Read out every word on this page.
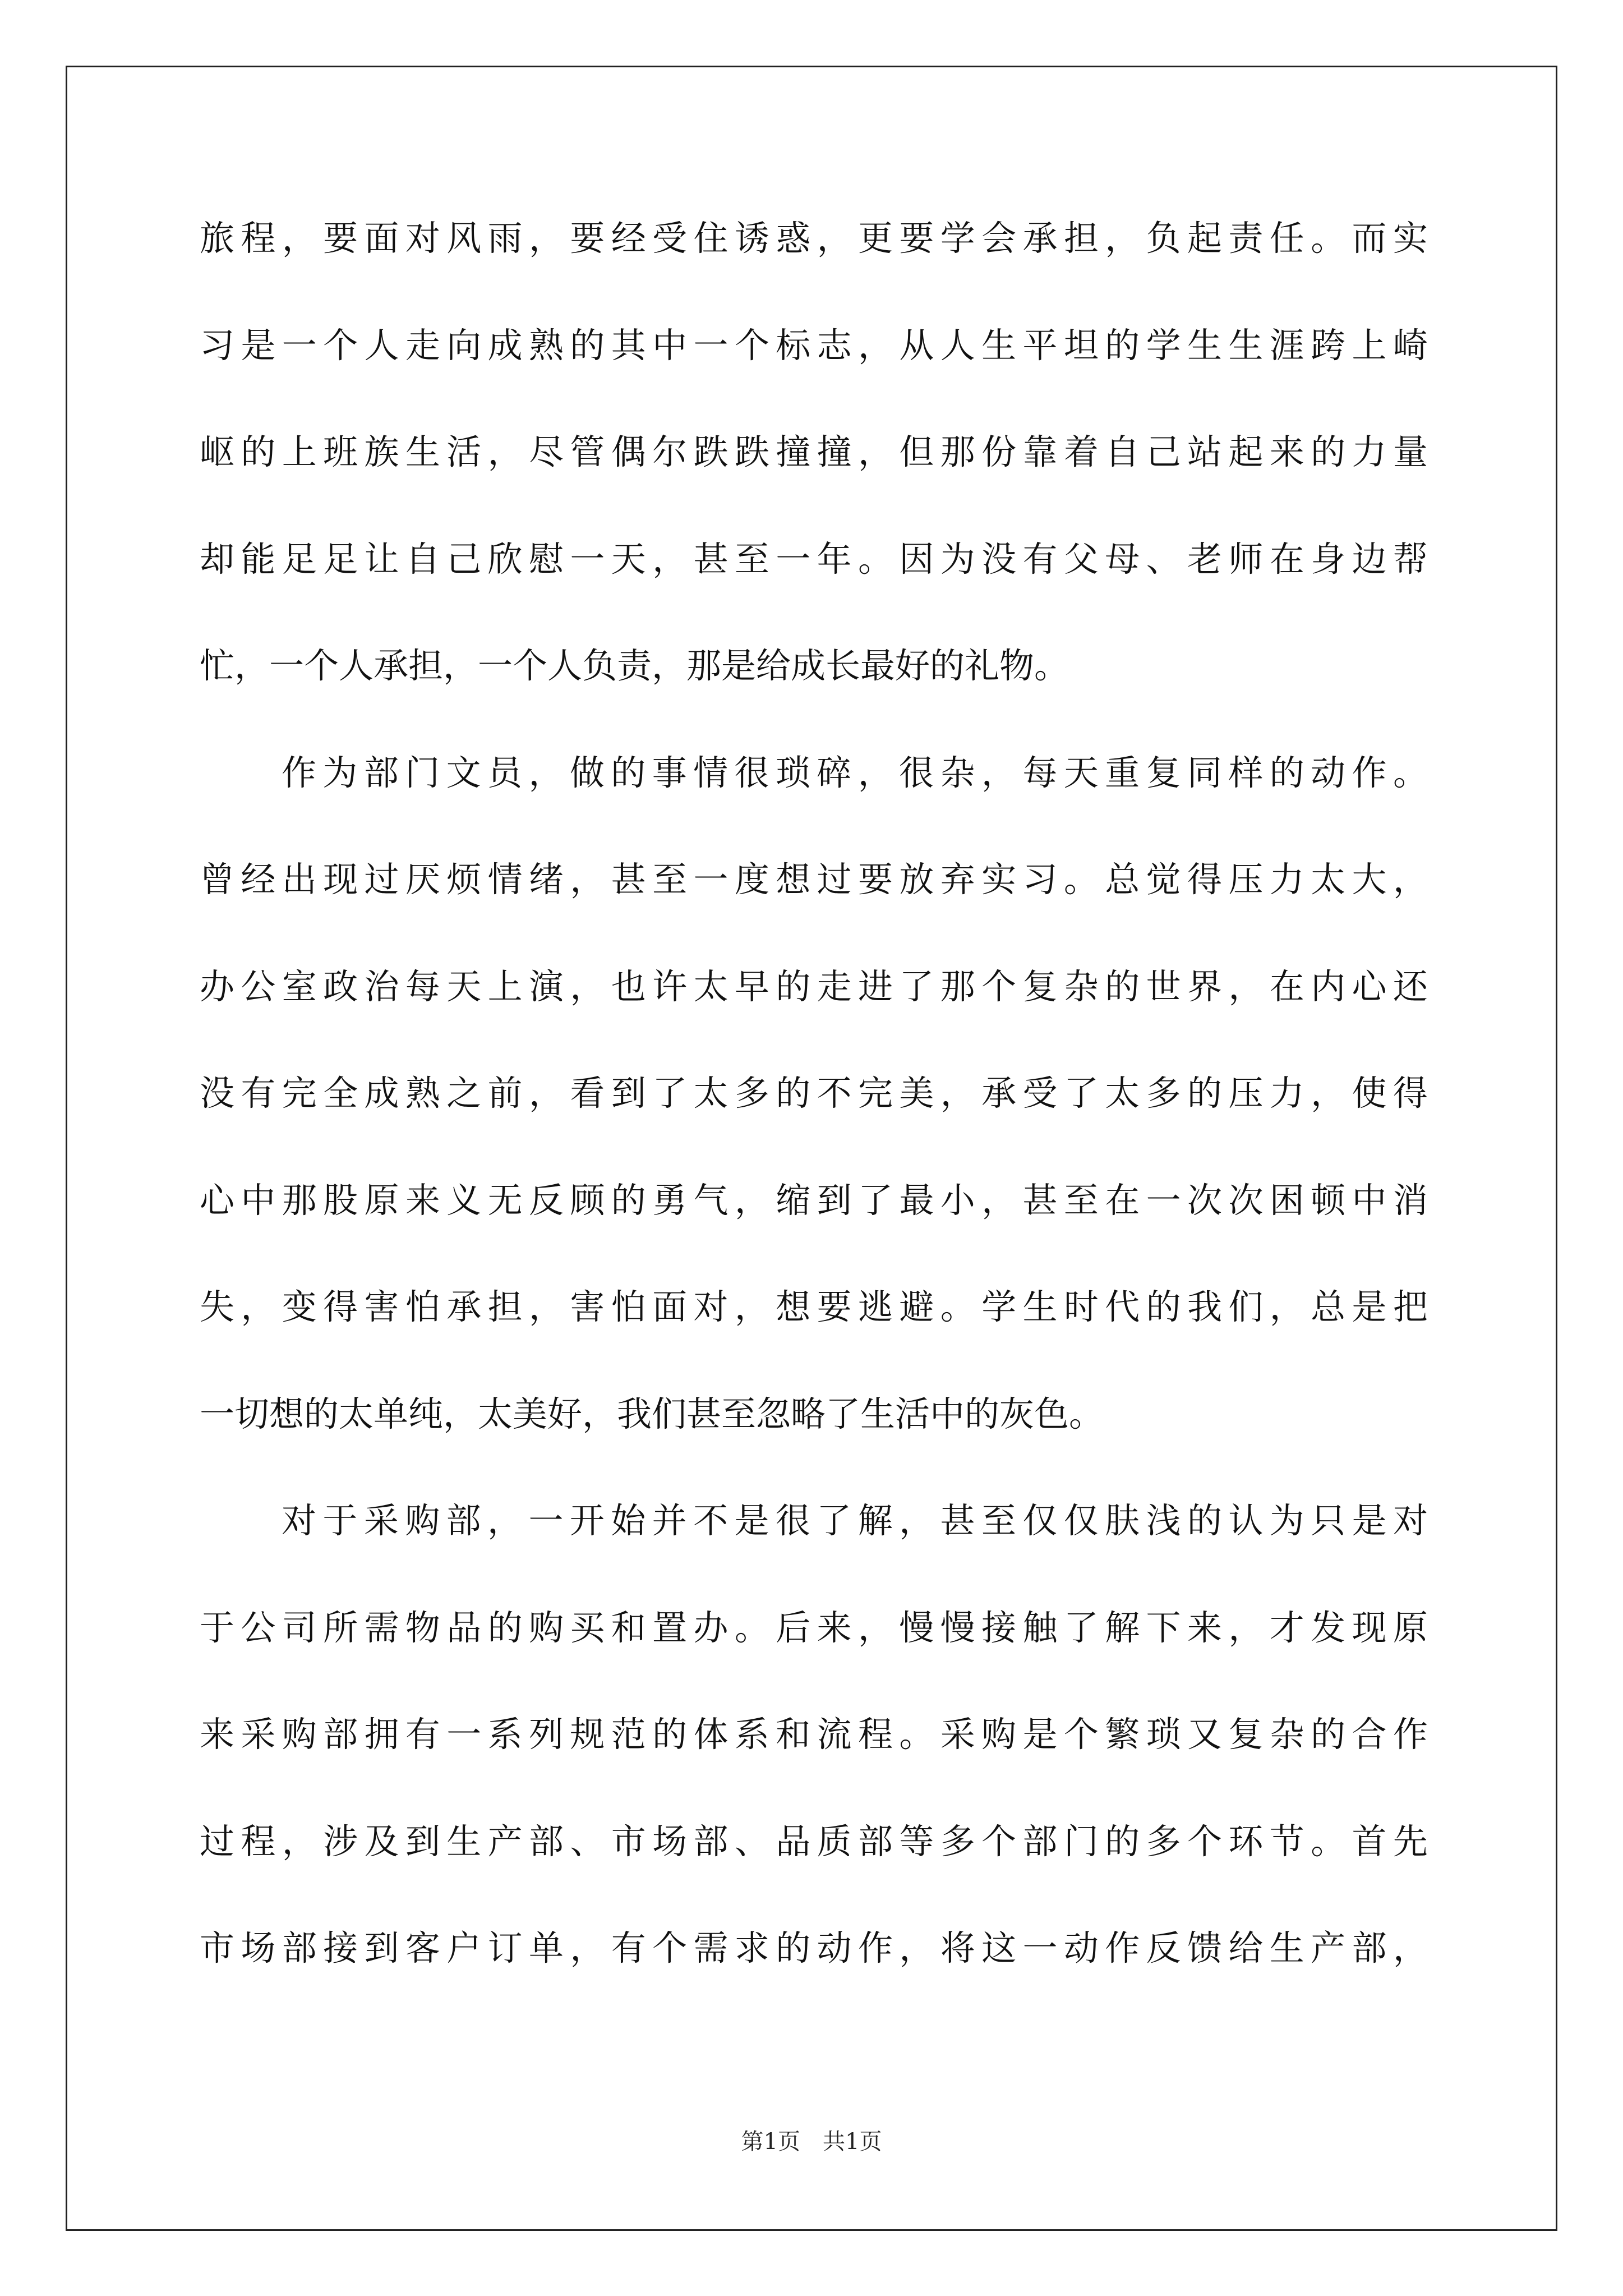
旅 程 ， 要 面 对 风 雨 ， 要 经 受 住 诱 惑 ， 更 要 学 会 承 担 ， 负 起 责 任 。 而 实
习 是 一 个 人 走 向 成 熟 的 其 中 一 个 标 志 ， 从 人 生 平 坦 的 学 生 生 涯 跨 上 崎
岖 的 上 班 族 生 活 ， 尽 管 偶 尔 跌 跌 撞 撞 ， 但 那 份 靠 着 自 己 站 起 来 的 力 量
却 能 足 足 让 自 己 欣 慰 一 天 ， 甚 至 一 年 。 因 为 没 有 父 母 、 老 师 在 身 边 帮
忙，一个人承担，一个人负责，那是给成长最好的礼物。
作 为 部 门 文 员 ， 做 的 事 情 很 琐 碎 ， 很 杂 ， 每 天 重 复 同 样 的 动 作 。
曾 经 出 现 过 厌 烦 情 绪 ， 甚 至 一 度 想 过 要 放 弃 实 习 。 总 觉 得 压 力 太 大 ，
办 公 室 政 治 每 天 上 演 ， 也 许 太 早 的 走 进 了 那 个 复 杂 的 世 界 ， 在 内 心 还
没 有 完 全 成 熟 之 前 ， 看 到 了 太 多 的 不 完 美 ， 承 受 了 太 多 的 压 力 ， 使 得
心 中 那 股 原 来 义 无 反 顾 的 勇 气 ， 缩 到 了 最 小 ， 甚 至 在 一 次 次 困 顿 中 消
失 ， 变 得 害 怕 承 担 ， 害 怕 面 对 ， 想 要 逃 避 。 学 生 时 代 的 我 们 ， 总 是 把
一切想的太单纯，太美好，我们甚至忽略了生活中的灰色。
对 于 采 购 部 ， 一 开 始 并 不 是 很 了 解 ， 甚 至 仅 仅 肤 浅 的 认 为 只 是 对
于 公 司 所 需 物 品 的 购 买 和 置 办 。 后 来 ， 慢 慢 接 触 了 解 下 来 ， 才 发 现 原
来 采 购 部 拥 有 一 系 列 规 范 的 体 系 和 流 程 。 采 购 是 个 繁 琐 又 复 杂 的 合 作
过 程 ， 涉 及 到 生 产 部 、 市 场 部 、 品 质 部 等 多 个 部 门 的 多 个 环 节 。 首 先
市 场 部 接 到 客 户 订 单 ， 有 个 需 求 的 动 作 ， 将 这 一 动 作 反 馈 给 生 产 部 ，
第1页　共1页
